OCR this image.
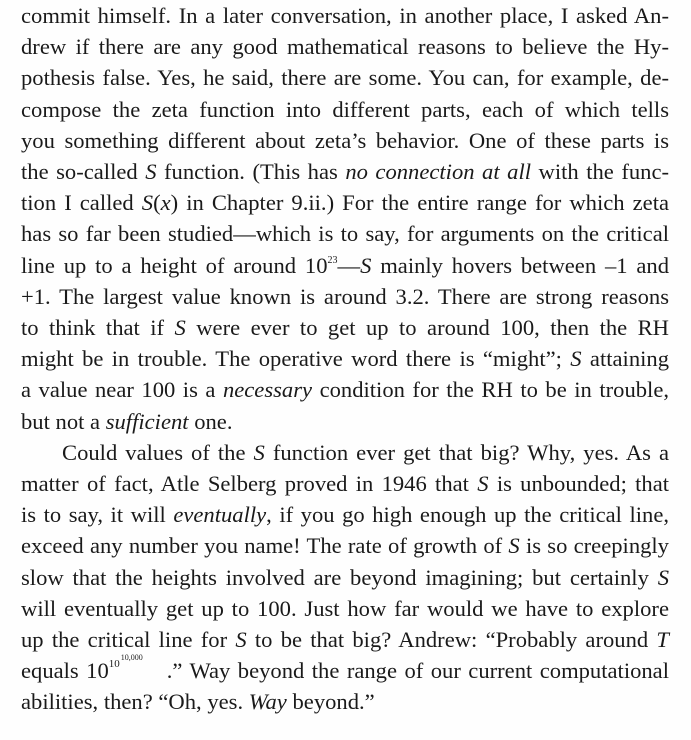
commit himself. In a later conversation, in another place, I asked An-
drew if there are any good mathematical reasons to believe the Hy-
pothesis false. Yes, he said, there are some. You can, for example, de-
compose the zeta function into different parts, each of which tells
you something different about zeta’s behavior. One of these parts is
the so-called S function. (This has no connection at all with the func-
tion I called S(x) in Chapter 9.ii.) For the entire range for which zeta
has so far been studied—which is to say, for arguments on the critical
line up to a height of around $10^{23}—S$ mainly hovers between –1 and
+1. The largest value known is around 3.2. There are strong reasons
to think that if S were ever to get up to around 100, then the RH
might be in trouble. The operative word there is “might”; S attaining
a value near 100 is a necessary condition for the RH to be in trouble,
but not a sufficient one.
Could values of the S function ever get that big? Why, yes. As a
matter of fact, Atle Selberg proved in 1946 that S is unbounded; that
is to say, it will eventually, if you go high enough up the critical line,
exceed any number you name! The rate of growth of S is so creepingly
slow that the heights involved are beyond imagining; but certainly S
will eventually get up to 100. Just how far would we have to explore
up the critical line for S to be that big? Andrew: “Probably around T
equals 10 10
10,000
.” Way beyond the range of our current computational
abilities, then? “Oh, yes. Way beyond.”
